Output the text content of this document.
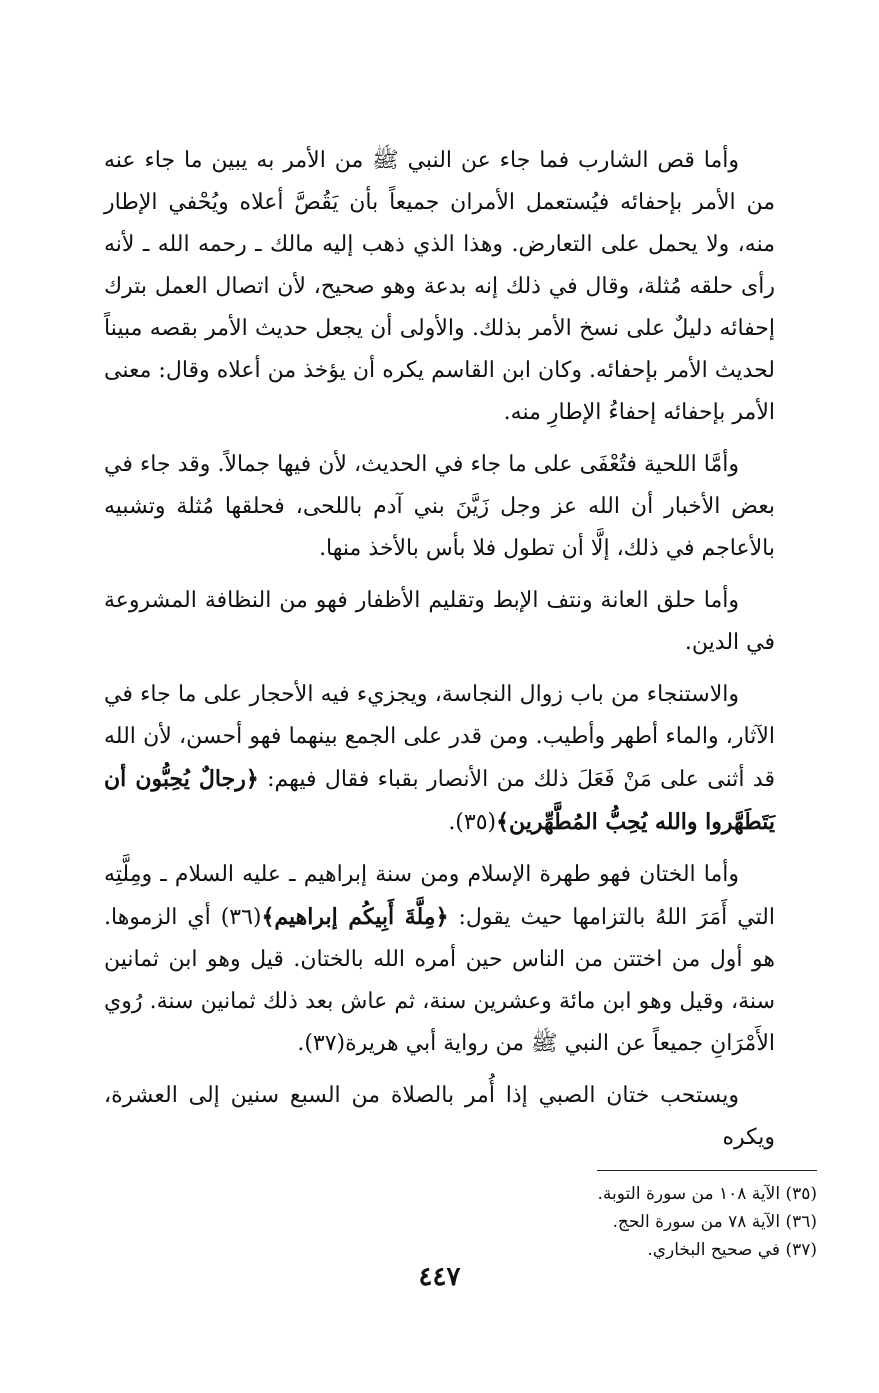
وأما قص الشارب فما جاء عن النبي ﷺ من الأمر به يبين ما جاء عنه من الأمر بإحفائه فيُستعمل الأمران جميعاً بأن يَقُصَّ أعلاه ويُحْفي الإطار منه، ولا يحمل على التعارض. وهذا الذي ذهب إليه مالك ـ رحمه الله ـ لأنه رأى حلقه مُثلة، وقال في ذلك إنه بدعة وهو صحيح، لأن اتصال العمل بترك إحفائه دليلٌ على نسخ الأمر بذلك. والأولى أن يجعل حديث الأمر بقصه مبيناً لحديث الأمر بإحفائه. وكان ابن القاسم يكره أن يؤخذ من أعلاه وقال: معنى الأمر بإحفائه إحفاءُ الإطارِ منه.

وأمَّا اللحية فتُعْفَى على ما جاء في الحديث، لأن فيها جمالاً. وقد جاء في بعض الأخبار أن الله عز وجل زَيَّنَ بني آدم باللحى، فحلقها مُثلة وتشبيه بالأعاجم في ذلك، إلَّا أن تطول فلا بأس بالأخذ منها.

وأما حلق العانة ونتف الإبط وتقليم الأظفار فهو من النظافة المشروعة في الدين.

والاستنجاء من باب زوال النجاسة، ويجزيء فيه الأحجار على ما جاء في الآثار، والماء أطهر وأطيب. ومن قدر على الجمع بينهما فهو أحسن، لأن الله قد أثنى على مَنْ فَعَلَ ذلك من الأنصار بقباء فقال فيهم: ﴿رجالٌ يُحِبُّون أن يَتَطَهَّروا والله يُحِبُّ المُطَّهِّرين﴾(٣٥).

وأما الختان فهو طهرة الإسلام ومن سنة إبراهيم ـ عليه السلام ـ ومِلَّتِه التي أَمَرَ اللهُ بالتزامها حيث يقول: ﴿مِلَّةَ أَبِيكُم إبراهيم﴾(٣٦) أي الزموها. هو أول من اختتن من الناس حين أمره الله بالختان. قيل وهو ابن ثمانين سنة، وقيل وهو ابن مائة وعشرين سنة، ثم عاش بعد ذلك ثمانين سنة. رُوي الأَمْرَانِ جميعاً عن النبي ﷺ من رواية أبي هريرة(٣٧).

ويستحب ختان الصبي إذا أُمر بالصلاة من السبع سنين إلى العشرة، ويكره

(٣٥) الآية ١٠٨ من سورة التوبة.

(٣٦) الآية ٧٨ من سورة الحج.

(٣٧) في صحيح البخاري.

٤٤٧
